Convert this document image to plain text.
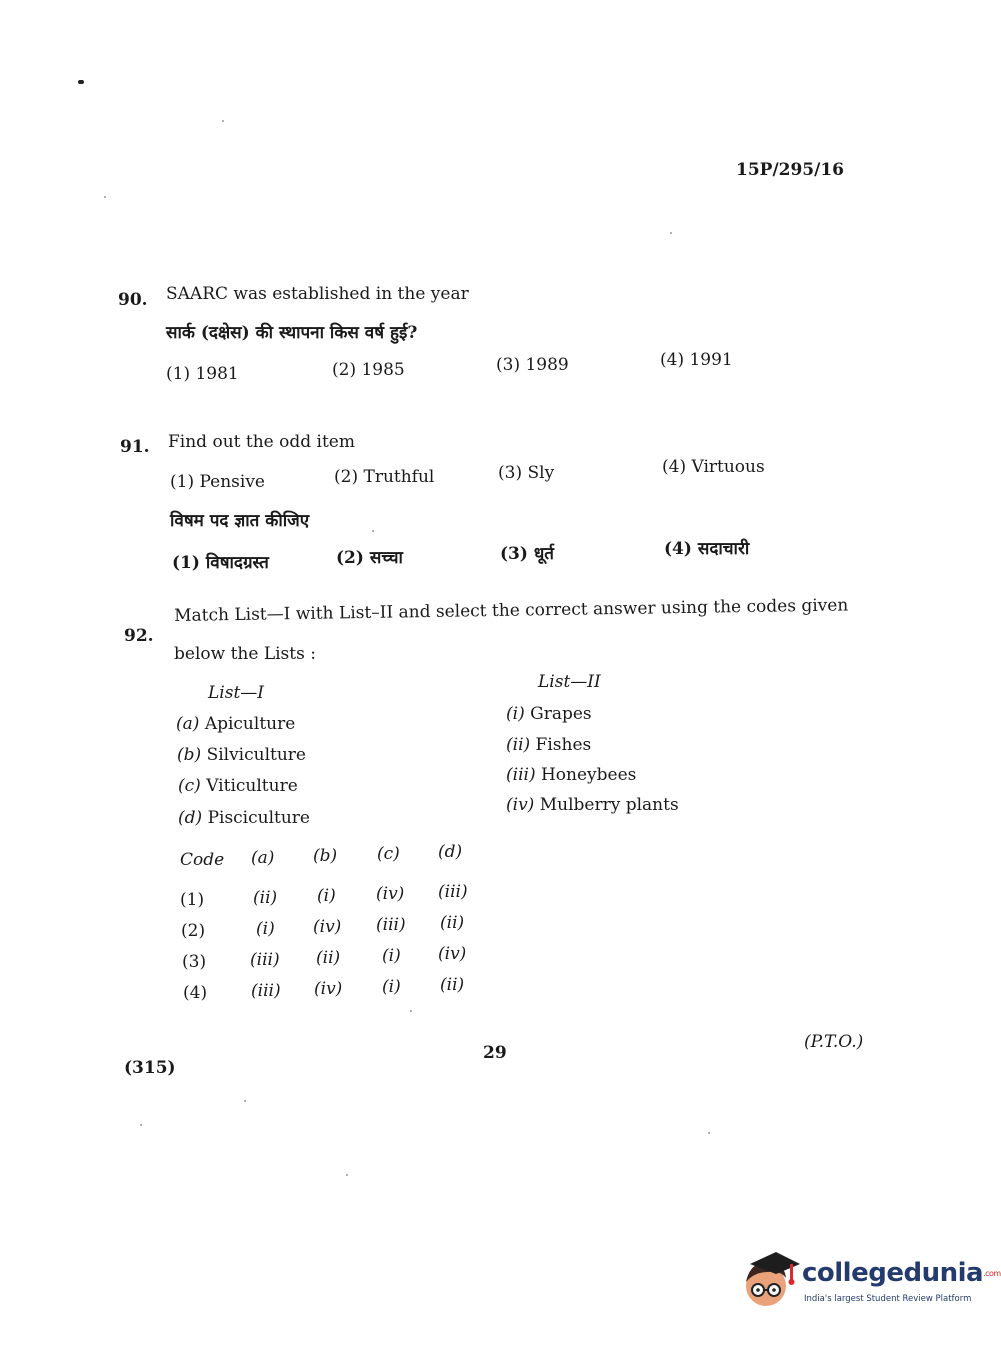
15P/295/16
90. SAARC was established in the year
सार्क (दक्षेस) की स्थापना किस वर्ष हुई?
(1) 1981	(2) 1985	(3) 1989	(4) 1991
91. Find out the odd item
(1) Pensive	(2) Truthful	(3) Sly	(4) Virtuous
विषम पद ज्ञात कीजिए
(1) विषादग्रस्त	(2) सच्चा	(3) धूर्त	(4) सदाचारी
92.
Match List—I with List–II and select the correct answer using the codes given
below the Lists :
List—I
List—II
(a) Apiculture
(b) Silviculture
(c) Viticulture
(d) Pisciculture
(i) Grapes
(ii) Fishes
(iii) Honeybees
(iv) Mulberry plants
Code (a) (b) (c) (d)
(1)	(ii) (i) (iv) (iii)
(2)	(i) (iv) (iii) (ii)
(3)	(iii) (ii) (i) (iv)
(4)	(iii) (iv) (i) (ii)
(315)
29
(P.T.O.)
collegedunia.com
India's largest Student Review Platform
